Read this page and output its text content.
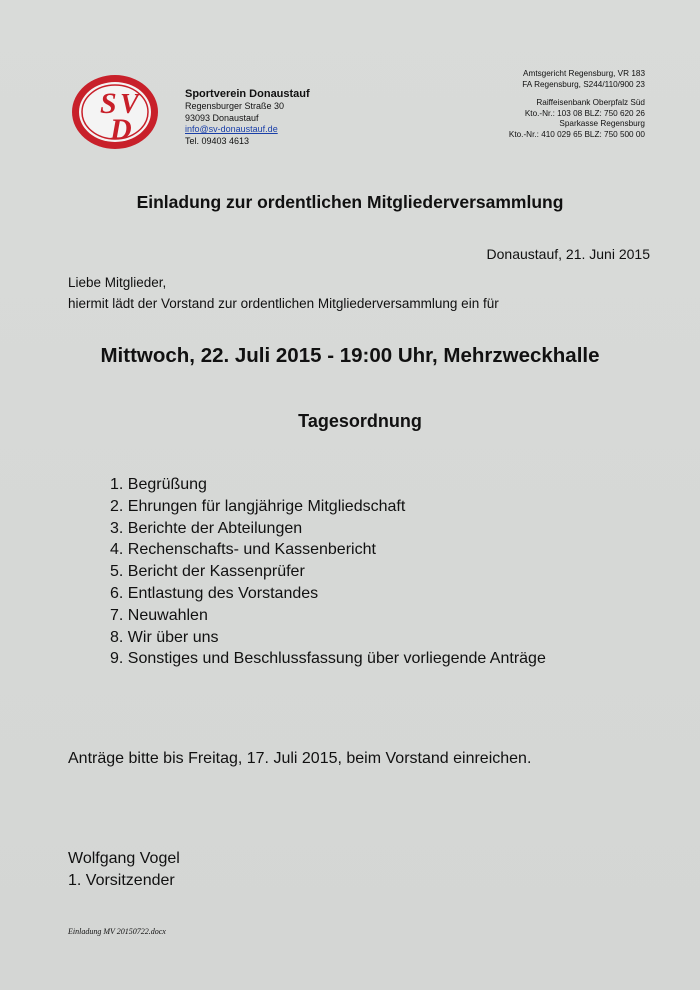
S V
D
Sportverein Donaustauf
Regensburger Straße 30
93093 Donaustauf
info@sv-donaustauf.de
Tel. 09403 4613
Amtsgericht Regensburg, VR 183
FA Regensburg, S244/110/900 23
Raiffeisenbank Oberpfalz Süd
Kto.-Nr.: 103 08 BLZ: 750 620 26
Sparkasse Regensburg
Kto.-Nr.: 410 029 65 BLZ: 750 500 00
Einladung zur ordentlichen Mitgliederversammlung
Donaustauf, 21. Juni 2015
Liebe Mitglieder,
hiermit lädt der Vorstand zur ordentlichen Mitgliederversammlung ein für
Mittwoch, 22. Juli 2015 - 19:00 Uhr, Mehrzweckhalle
Tagesordnung
1. Begrüßung
2. Ehrungen für langjährige Mitgliedschaft
3. Berichte der Abteilungen
4. Rechenschafts- und Kassenbericht
5. Bericht der Kassenprüfer
6. Entlastung des Vorstandes
7. Neuwahlen
8. Wir über uns
9. Sonstiges und Beschlussfassung über vorliegende Anträge
Anträge bitte bis Freitag, 17. Juli 2015, beim Vorstand einreichen.
Wolfgang Vogel
1. Vorsitzender
Einladung MV 20150722.docx
